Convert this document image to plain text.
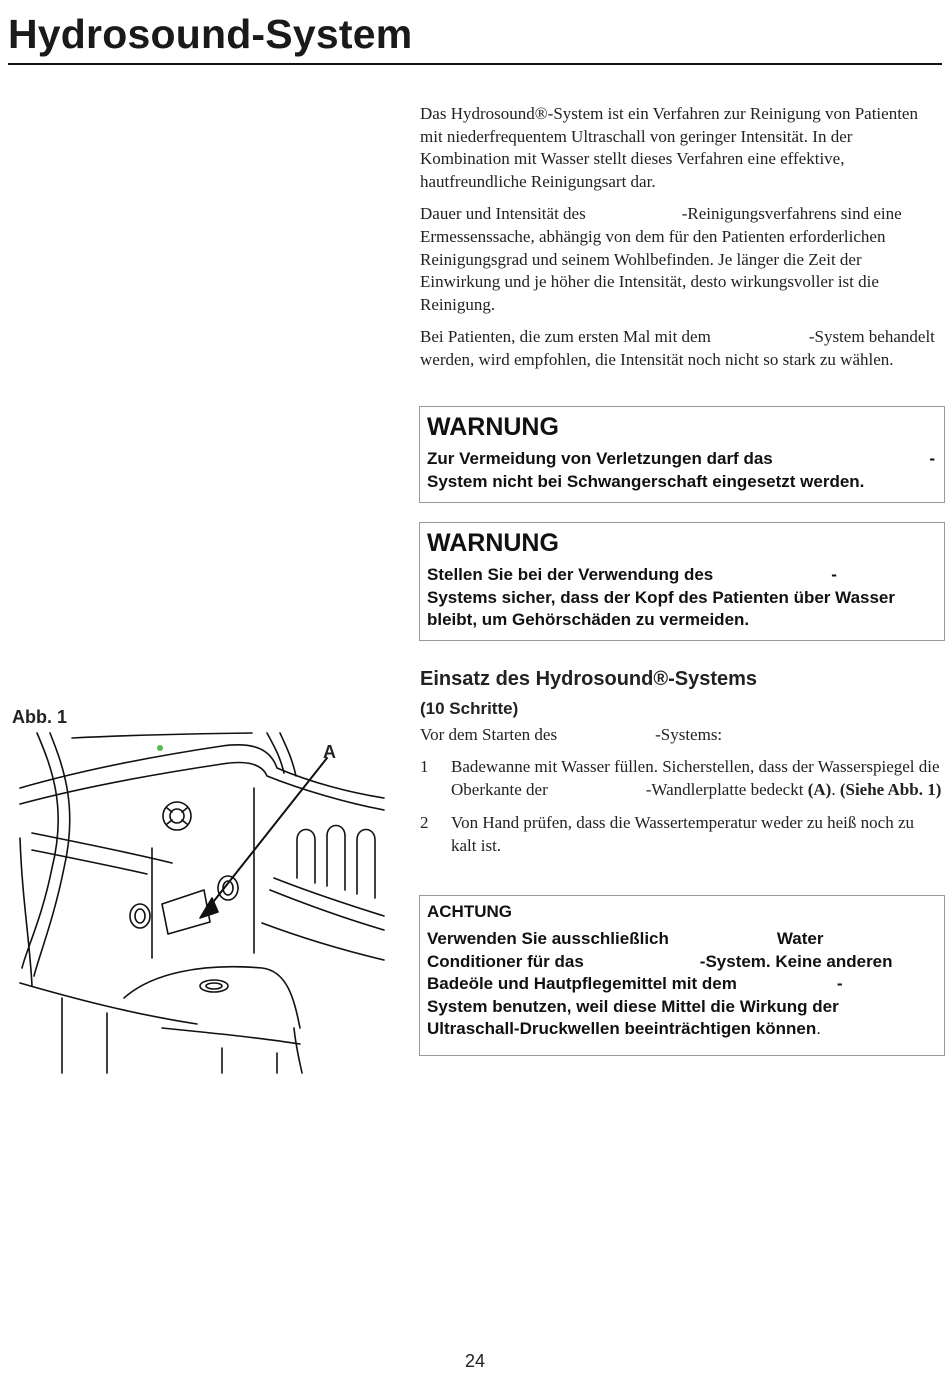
Hydrosound-System

Das Hydrosound®-System ist ein Verfahren zur Reinigung von Patienten mit niederfrequentem Ultraschall von geringer Intensität. In der Kombination mit Wasser stellt dieses Verfahren eine effektive, hautfreundliche Reinigungsart dar.

Dauer und Intensität des	-Reinigungsverfahrens sind eine Ermessenssache, abhängig von dem für den Patienten erforderlichen Reinigungsgrad und seinem Wohlbefinden. Je länger die Zeit der Einwirkung und je höher die Intensität, desto wirkungsvoller ist die Reinigung.

Bei Patienten, die zum ersten Mal mit dem	-System behandelt werden, wird empfohlen, die Intensität noch nicht so stark zu wählen.

WARNUNG
Zur Vermeidung von Verletzungen darf das	-
System nicht bei Schwangerschaft eingesetzt werden.
WARNUNG
Stellen Sie bei der Verwendung des	-
Systems sicher, dass der Kopf des Patienten über Wasser bleibt, um Gehörschäden zu vermeiden.
Einsatz des Hydrosound®-Systems
(10 Schritte)
Vor dem Starten des	-Systems:
1 Badewanne mit Wasser füllen. Sicherstellen, dass der Wasserspiegel die Oberkante der	-Wandlerplatte bedeckt (A). (Siehe Abb. 1)
2 Von Hand prüfen, dass die Wassertemperatur weder zu heiß noch zu kalt ist.
ACHTUNG
Verwenden Sie ausschließlich	Water
Conditioner für das	-System. Keine anderen Badeöle und Hautpflegemittel mit dem	-
System benutzen, weil diese Mittel die Wirkung der Ultraschall-Druckwellen beeinträchtigen können.
Abb. 1
A
24
